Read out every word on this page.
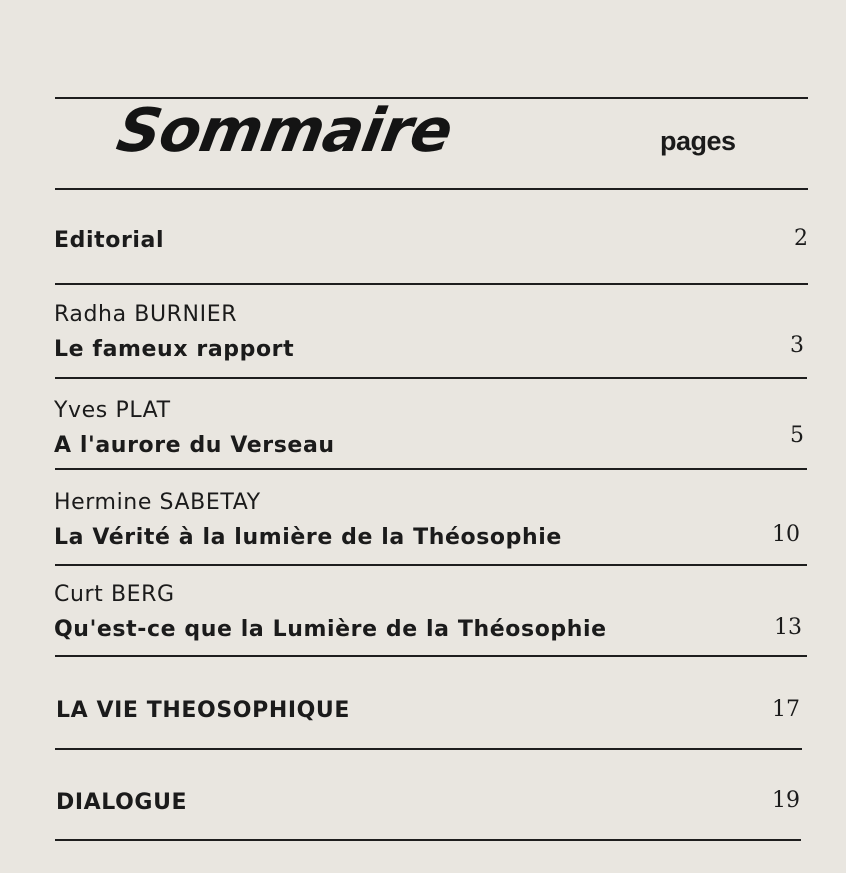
Sommaire	pages
Editorial	2
Radha BURNIER
Le fameux rapport	3
Yves PLAT
A l'aurore du Verseau	5
Hermine SABETAY
La Vérité à la lumière de la Théosophie	10
Curt BERG
Qu'est-ce que la Lumière de la Théosophie	13
LA VIE THEOSOPHIQUE	17
DIALOGUE	19
